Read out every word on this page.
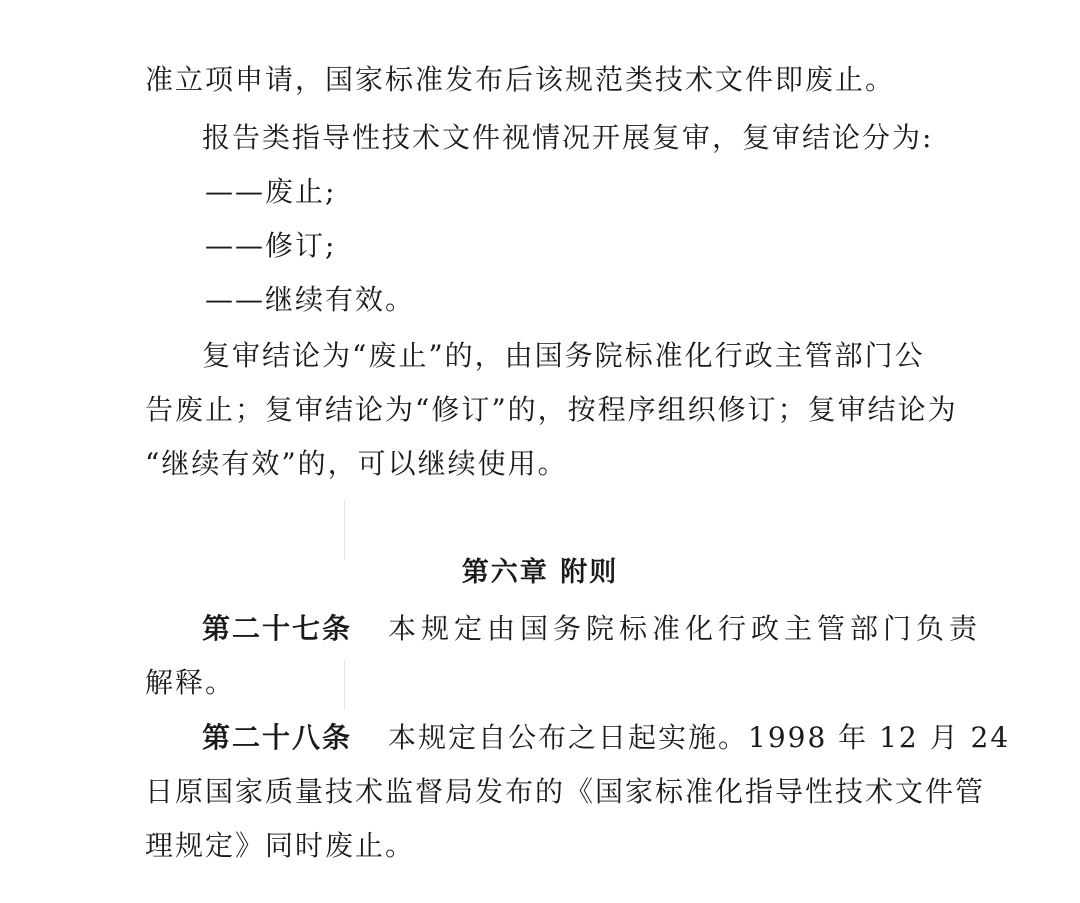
准立项申请，国家标准发布后该规范类技术文件即废止。
报告类指导性技术文件视情况开展复审，复审结论分为:
——废止;
——修订;
——继续有效。
复审结论为“废止”的，由国务院标准化行政主管部门公
告废止；复审结论为“修订”的，按程序组织修订；复审结论为
“继续有效”的，可以继续使用。
第六章 附则
第二十七条 本规定由国务院标准化行政主管部门负责
解释。
第二十八条 本规定自公布之日起实施。1998 年 12 月 24
日原国家质量技术监督局发布的《国家标准化指导性技术文件管
理规定》同时废止。
